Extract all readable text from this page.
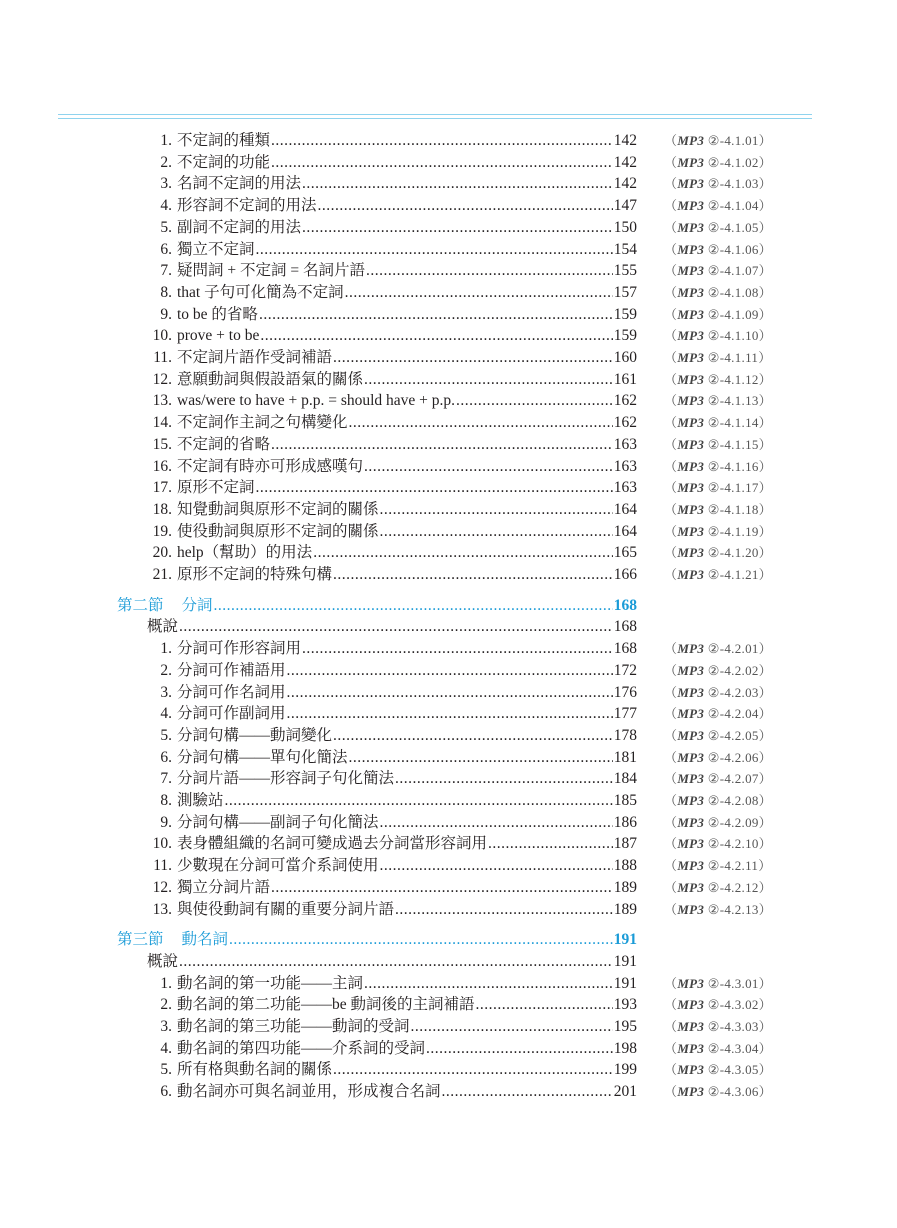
1. 不定詞的種類 .....	142 （MP3 ②-4.1.01）
2. 不定詞的功能 .....	142 （MP3 ②-4.1.02）
3. 名詞不定詞的用法 .....	142 （MP3 ②-4.1.03）
4. 形容詞不定詞的用法 .....	147 （MP3 ②-4.1.04）
5. 副詞不定詞的用法 .....	150 （MP3 ②-4.1.05）
6. 獨立不定詞 .....	154 （MP3 ②-4.1.06）
7. 疑問詞 + 不定詞 = 名詞片語 .....	155 （MP3 ②-4.1.07）
8. that 子句可化簡為不定詞 .....	157 （MP3 ②-4.1.08）
9. to be 的省略 .....	159 （MP3 ②-4.1.09）
10. prove + to be .....	159 （MP3 ②-4.1.10）
11. 不定詞片語作受詞補語 .....	160 （MP3 ②-4.1.11）
12. 意願動詞與假設語氣的關係 .....	161 （MP3 ②-4.1.12）
13. was/were to have + p.p. = should have + p.p. .....	162 （MP3 ②-4.1.13）
14. 不定詞作主詞之句構變化 .....	162 （MP3 ②-4.1.14）
15. 不定詞的省略 .....	163 （MP3 ②-4.1.15）
16. 不定詞有時亦可形成感嘆句 .....	163 （MP3 ②-4.1.16）
17. 原形不定詞 .....	163 （MP3 ②-4.1.17）
18. 知覺動詞與原形不定詞的關係 .....	164 （MP3 ②-4.1.18）
19. 使役動詞與原形不定詞的關係 .....	164 （MP3 ②-4.1.19）
20. help（幫助）的用法 .....	165 （MP3 ②-4.1.20）
21. 原形不定詞的特殊句構 .....	166 （MP3 ②-4.1.21）
第二節 分詞 .....	168
概說 .....	168
1. 分詞可作形容詞用 .....	168 （MP3 ②-4.2.01）
2. 分詞可作補語用 .....	172 （MP3 ②-4.2.02）
3. 分詞可作名詞用 .....	176 （MP3 ②-4.2.03）
4. 分詞可作副詞用 .....	177 （MP3 ②-4.2.04）
5. 分詞句構——動詞變化 .....	178 （MP3 ②-4.2.05）
6. 分詞句構——單句化簡法 .....	181 （MP3 ②-4.2.06）
7. 分詞片語——形容詞子句化簡法 .....	184 （MP3 ②-4.2.07）
8. 測驗站 .....	185 （MP3 ②-4.2.08）
9. 分詞句構——副詞子句化簡法 .....	186 （MP3 ②-4.2.09）
10. 表身體組織的名詞可變成過去分詞當形容詞用 .....	187 （MP3 ②-4.2.10）
11. 少數現在分詞可當介系詞使用 .....	188 （MP3 ②-4.2.11）
12. 獨立分詞片語 .....	189 （MP3 ②-4.2.12）
13. 與使役動詞有關的重要分詞片語 .....	189 （MP3 ②-4.2.13）
第三節 動名詞 .....	191
概說 .....	191
1. 動名詞的第一功能——主詞 .....	191 （MP3 ②-4.3.01）
2. 動名詞的第二功能——be 動詞後的主詞補語 .....	193 （MP3 ②-4.3.02）
3. 動名詞的第三功能——動詞的受詞 .....	195 （MP3 ②-4.3.03）
4. 動名詞的第四功能——介系詞的受詞 .....	198 （MP3 ②-4.3.04）
5. 所有格與動名詞的關係 .....	199 （MP3 ②-4.3.05）
6. 動名詞亦可與名詞並用，形成複合名詞 .....	201 （MP3 ②-4.3.06）
